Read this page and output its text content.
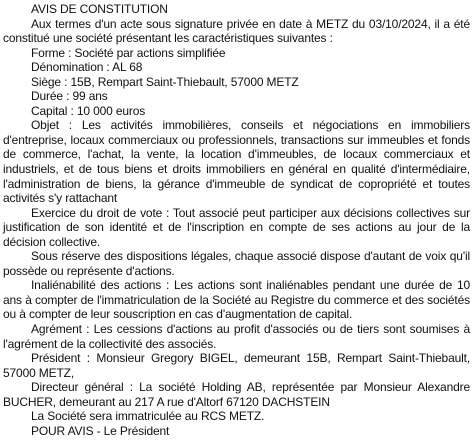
AVIS DE CONSTITUTION

Aux termes d'un acte sous signature privée en date à METZ du 03/10/2024, il a été constitué une société présentant les caractéristiques suivantes :

Forme : Société par actions simplifiée

Dénomination : AL 68

Siège : 15B, Rempart Saint-Thiebault, 57000 METZ

Durée : 99 ans

Capital : 10 000 euros

Objet : Les activités immobilières, conseils et négociations en immobiliers d'entreprise, locaux commerciaux ou professionnels, transactions sur immeubles et fonds de commerce, l'achat, la vente, la location d'immeubles, de locaux commerciaux et industriels, et de tous biens et droits immobiliers en général en qualité d'intermédiaire, l'administration de biens, la gérance d'immeuble de syndicat de copropriété et toutes activités s'y rattachant

Exercice du droit de vote : Tout associé peut participer aux décisions collectives sur justification de son identité et de l'inscription en compte de ses actions au jour de la décision collective.

Sous réserve des dispositions légales, chaque associé dispose d'autant de voix qu'il possède ou représente d'actions.

Inaliénabilité des actions : Les actions sont inaliénables pendant une durée de 10 ans à compter de l'immatriculation de la Société au Registre du commerce et des sociétés ou à compter de leur souscription en cas d'augmentation de capital.

Agrément : Les cessions d'actions au profit d'associés ou de tiers sont soumises à l'agrément de la collectivité des associés.

Président : Monsieur Gregory BIGEL, demeurant 15B, Rempart Saint-Thiebault, 57000 METZ,

Directeur général : La société Holding AB, représentée par Monsieur Alexandre BUCHER, demeurant au 217 A rue d'Altorf 67120 DACHSTEIN

La Société sera immatriculée au RCS METZ.

POUR AVIS - Le Président
